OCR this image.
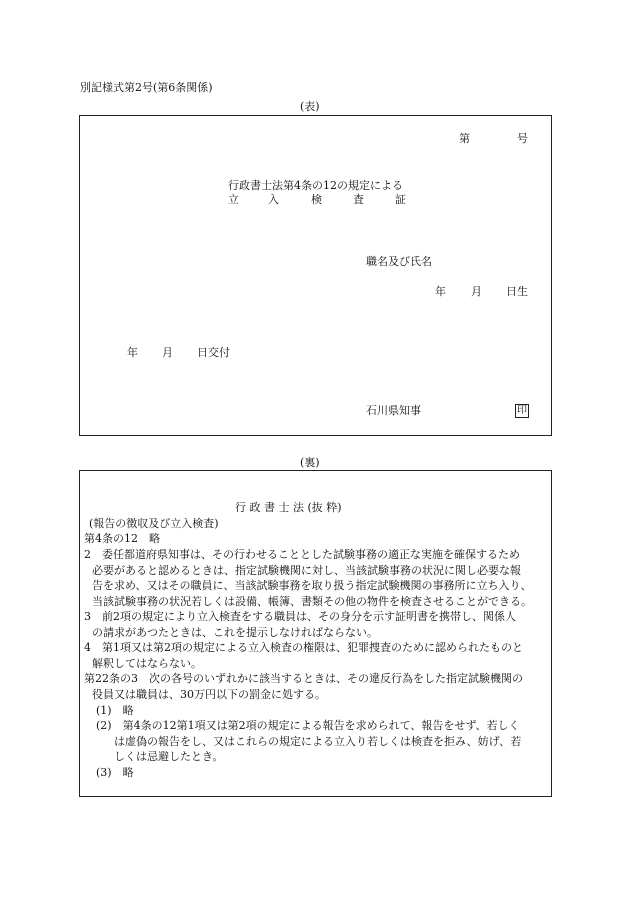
別記様式第2号(第6条関係)
(表)
第	号
行政書士法第4条の12の規定による
立	入	検	査	証
職名及び氏名
年 月 日生
年 月 日交付
石川県知事	印
(裏)
行 政 書 士 法 (抜 粋)
(報告の徴収及び立入検査)
第4条の12　略
2　委任都道府県知事は、その行わせることとした試験事務の適正な実施を確保するため
必要があると認めるときは、指定試験機関に対し、当該試験事務の状況に関し必要な報
告を求め、又はその職員に、当該試験事務を取り扱う指定試験機関の事務所に立ち入り、
当該試験事務の状況若しくは設備、帳簿、書類その他の物件を検査させることができる。
3　前2項の規定により立入検査をする職員は、その身分を示す証明書を携帯し、関係人
の請求があつたときは、これを提示しなければならない。
4　第1項又は第2項の規定による立入検査の権限は、犯罪捜査のために認められたものと
解釈してはならない。
第22条の3　次の各号のいずれかに該当するときは、その違反行為をした指定試験機関の
役員又は職員は、30万円以下の罰金に処する。
(1)　略
(2)　第4条の12第1項又は第2項の規定による報告を求められて、報告をせず、若しく
は虚偽の報告をし、又はこれらの規定による立入り若しくは検査を拒み、妨げ、若
しくは忌避したとき。
(3)　略
